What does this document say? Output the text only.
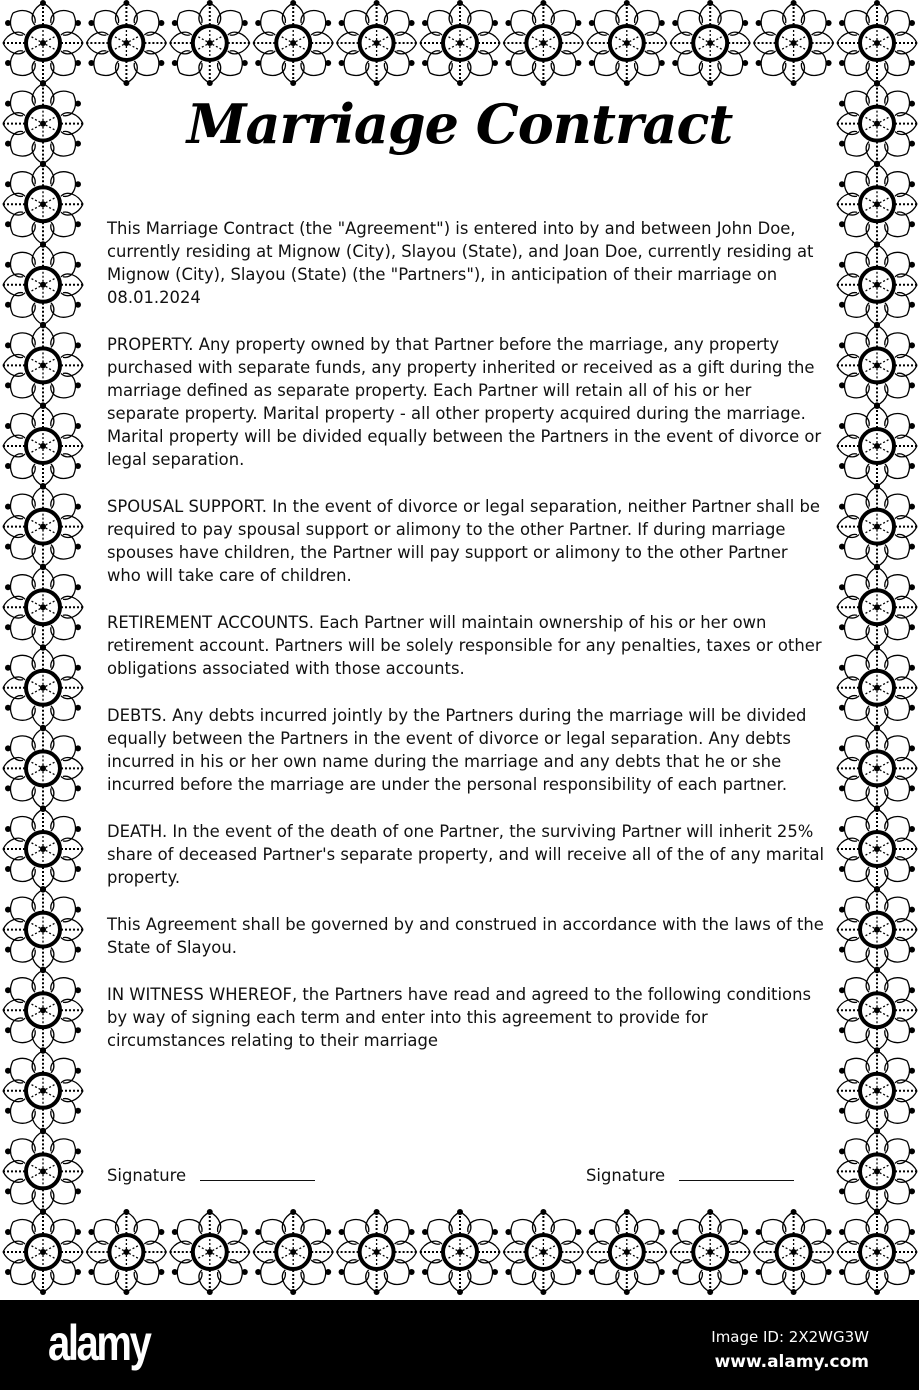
Marriage Contract

This Marriage Contract (the "Agreement") is entered into by and between John Doe, currently residing at Mignow (City), Slayou (State), and Joan Doe, currently residing at Mignow (City), Slayou (State) (the "Partners"), in anticipation of their marriage on 08.01.2024

PROPERTY. Any property owned by that Partner before the marriage, any property purchased with separate funds, any property inherited or received as a gift during the marriage defined as separate property. Each Partner will retain all of his or her separate property. Marital property - all other property acquired during the marriage. Marital property will be divided equally between the Partners in the event of divorce or legal separation.

SPOUSAL SUPPORT. In the event of divorce or legal separation, neither Partner shall be required to pay spousal support or alimony to the other Partner. If during marriage spouses have children, the Partner will pay support or alimony to the other Partner who will take care of children.

RETIREMENT ACCOUNTS. Each Partner will maintain ownership of his or her own retirement account. Partners will be solely responsible for any penalties, taxes or other obligations associated with those accounts.

DEBTS. Any debts incurred jointly by the Partners during the marriage will be divided equally between the Partners in the event of divorce or legal separation. Any debts incurred in his or her own name during the marriage and any debts that he or she incurred before the marriage are under the personal responsibility of each partner.

DEATH. In the event of the death of one Partner, the surviving Partner will inherit 25% share of deceased Partner's separate property, and will receive all of the of any marital property.

This Agreement shall be governed by and construed in accordance with the laws of the State of Slayou.

IN WITNESS WHEREOF, the Partners have read and agreed to the following conditions by way of signing each term and enter into this agreement to provide for circumstances relating to their marriage

Signature	Signature
alamy	Image ID: 2X2WG3W
www.alamy.com
